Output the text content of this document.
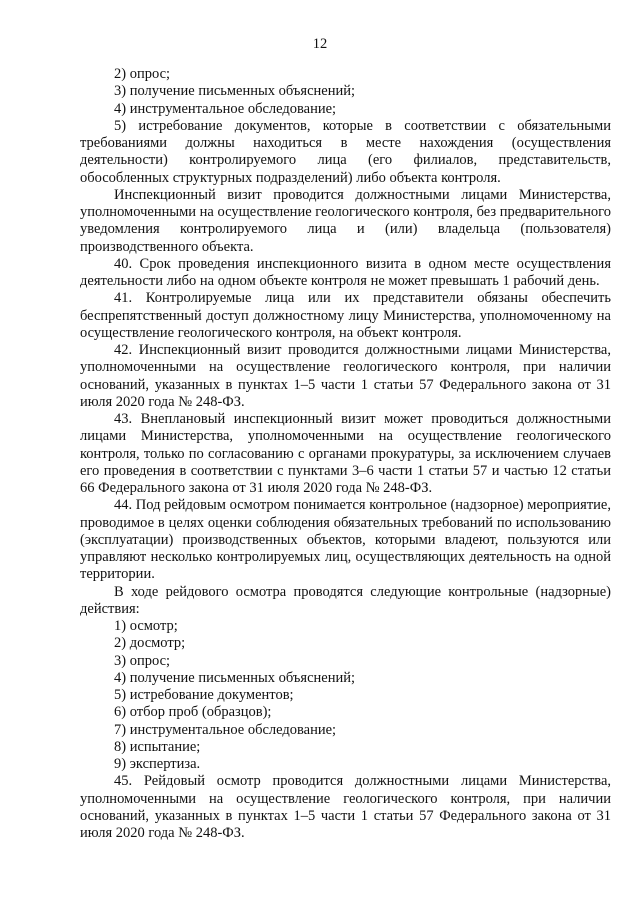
12

2) опрос;

3) получение письменных объяснений;

4) инструментальное обследование;

5) истребование документов, которые в соответствии с обязательными требованиями должны находиться в месте нахождения (осуществления деятельности) контролируемого лица (его филиалов, представительств, обособленных структурных подразделений) либо объекта контроля.

Инспекционный визит проводится должностными лицами Министерства, уполномоченными на осуществление геологического контроля, без предварительного уведомления контролируемого лица и (или) владельца (пользователя) производственного объекта.

40. Срок проведения инспекционного визита в одном месте осуществления деятельности либо на одном объекте контроля не может превышать 1 рабочий день.

41. Контролируемые лица или их представители обязаны обеспечить беспрепятственный доступ должностному лицу Министерства, уполномоченному на осуществление геологического контроля, на объект контроля.

42. Инспекционный визит проводится должностными лицами Министерства, уполномоченными на осуществление геологического контроля, при наличии оснований, указанных в пунктах 1–5 части 1 статьи 57 Федерального закона от 31 июля 2020 года № 248-ФЗ.

43. Внеплановый инспекционный визит может проводиться должностными лицами Министерства, уполномоченными на осуществление геологического контроля, только по согласованию с органами прокуратуры, за исключением случаев его проведения в соответствии с пунктами 3–6 части 1 статьи 57 и частью 12 статьи 66 Федерального закона от 31 июля 2020 года № 248-ФЗ.

44. Под рейдовым осмотром понимается контрольное (надзорное) мероприятие, проводимое в целях оценки соблюдения обязательных требований по использованию (эксплуатации) производственных объектов, которыми владеют, пользуются или управляют несколько контролируемых лиц, осуществляющих деятельность на одной территории.

В ходе рейдового осмотра проводятся следующие контрольные (надзорные) действия:

1) осмотр;

2) досмотр;

3) опрос;

4) получение письменных объяснений;

5) истребование документов;

6) отбор проб (образцов);

7) инструментальное обследование;

8) испытание;

9) экспертиза.

45. Рейдовый осмотр проводится должностными лицами Министерства, уполномоченными на осуществление геологического контроля, при наличии оснований, указанных в пунктах 1–5 части 1 статьи 57 Федерального закона от 31 июля 2020 года № 248-ФЗ.
